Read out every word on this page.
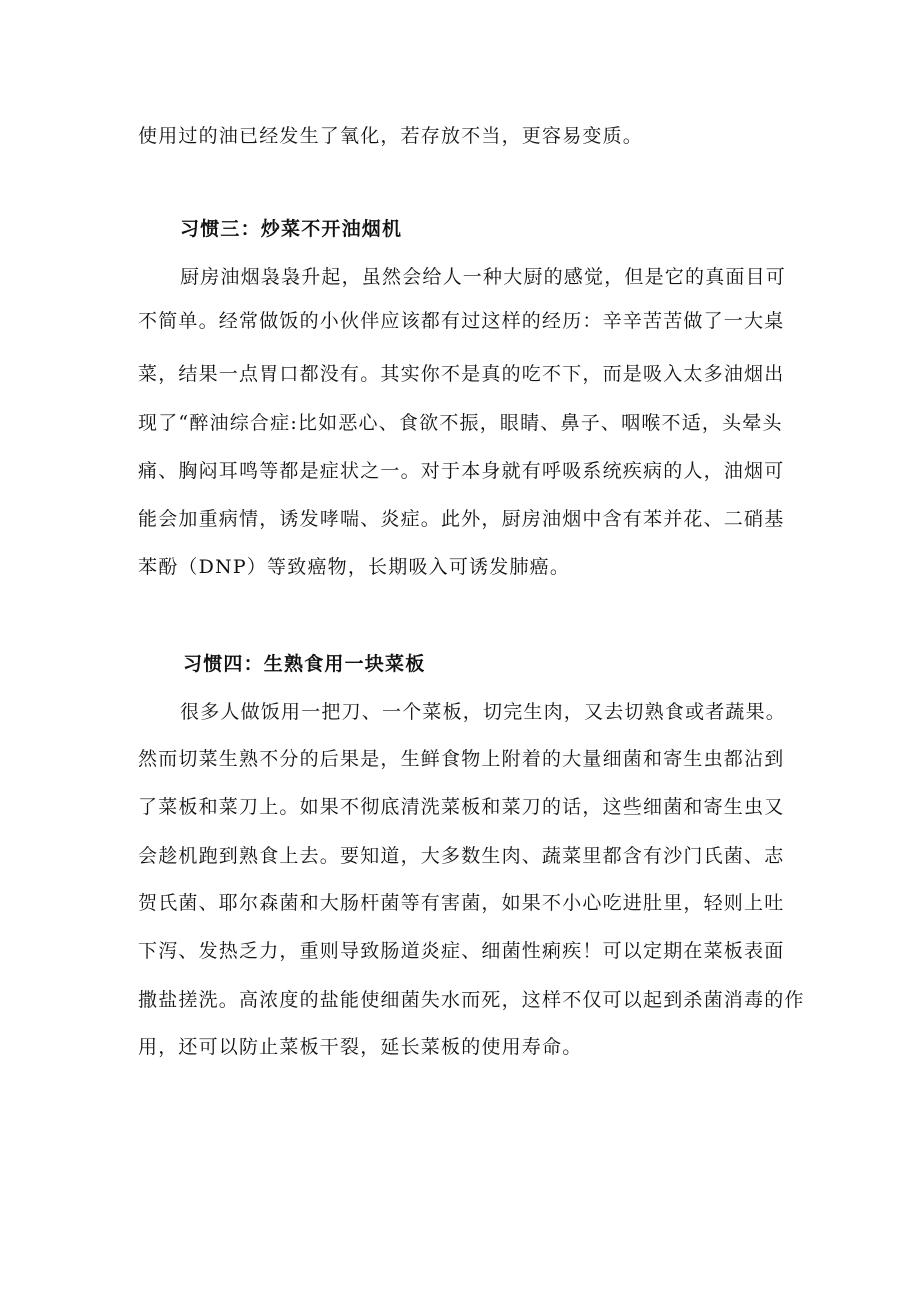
使用过的油已经发生了氧化，若存放不当，更容易变质。
习惯三：炒菜不开油烟机
厨房油烟袅袅升起，虽然会给人一种大厨的感觉，但是它的真面目可
不简单。经常做饭的小伙伴应该都有过这样的经历：辛辛苦苦做了一大桌
菜，结果一点胃口都没有。其实你不是真的吃不下，而是吸入太多油烟出
现了“醉油综合症:比如恶心、食欲不振，眼睛、鼻子、咽喉不适，头晕头
痛、胸闷耳鸣等都是症状之一。对于本身就有呼吸系统疾病的人，油烟可
能会加重病情，诱发哮喘、炎症。此外，厨房油烟中含有苯并花、二硝基
苯酚（DNP）等致癌物，长期吸入可诱发肺癌。
习惯四：生熟食用一块菜板
很多人做饭用一把刀、一个菜板，切完生肉，又去切熟食或者蔬果。
然而切菜生熟不分的后果是，生鲜食物上附着的大量细菌和寄生虫都沾到
了菜板和菜刀上。如果不彻底清洗菜板和菜刀的话，这些细菌和寄生虫又
会趁机跑到熟食上去。要知道，大多数生肉、蔬菜里都含有沙门氏菌、志
贺氏菌、耶尔森菌和大肠杆菌等有害菌，如果不小心吃进肚里，轻则上吐
下泻、发热乏力，重则导致肠道炎症、细菌性痢疾！可以定期在菜板表面
撒盐搓洗。高浓度的盐能使细菌失水而死，这样不仅可以起到杀菌消毒的作
用，还可以防止菜板干裂，延长菜板的使用寿命。
